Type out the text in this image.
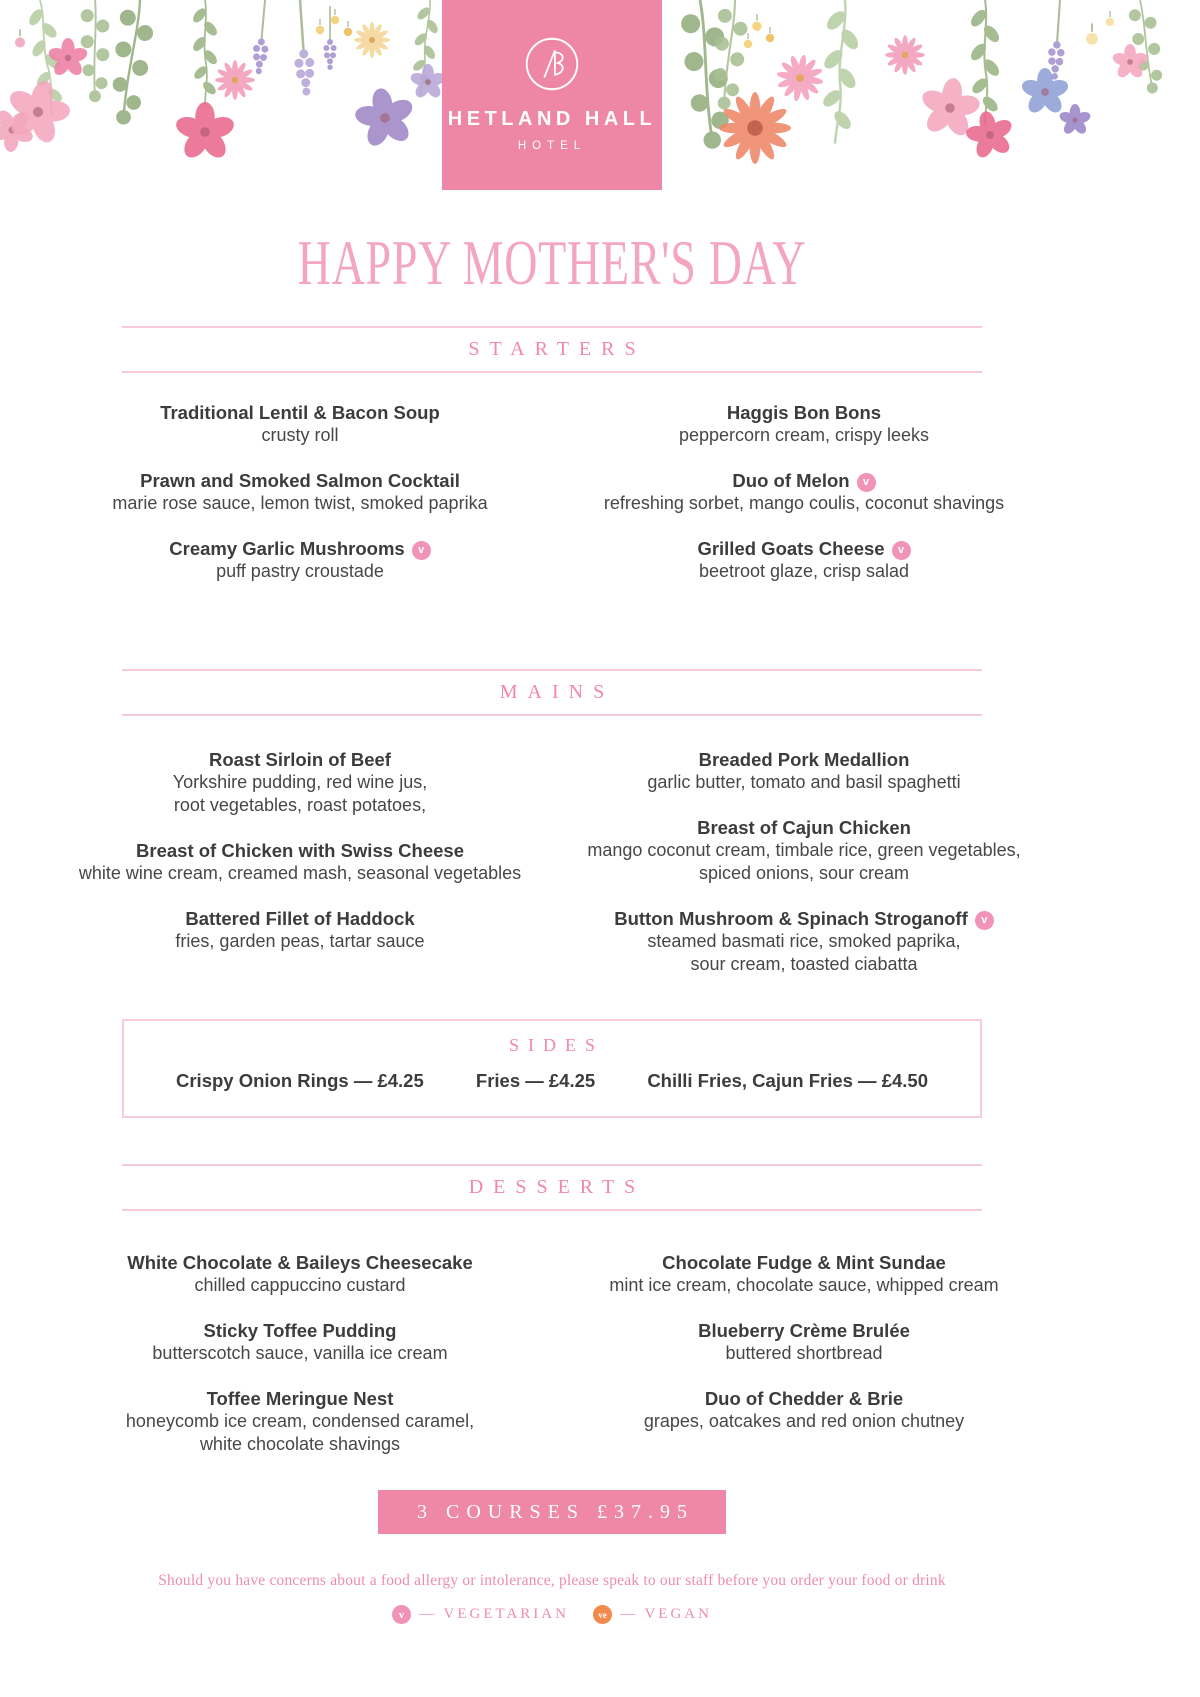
HETLAND HALL
HOTEL
HAPPY MOTHER'S DAY
STARTERS
Traditional Lentil & Bacon Soup

crusty roll

Prawn and Smoked Salmon Cocktail

marie rose sauce, lemon twist, smoked paprika

Creamy Garlic Mushrooms v

puff pastry croustade

Haggis Bon Bons

peppercorn cream, crispy leeks

Duo of Melon v

refreshing sorbet, mango coulis, coconut shavings

Grilled Goats Cheese v

beetroot glaze, crisp salad

MAINS
Roast Sirloin of Beef

Yorkshire pudding, red wine jus,

root vegetables, roast potatoes,

Breast of Chicken with Swiss Cheese

white wine cream, creamed mash, seasonal vegetables

Battered Fillet of Haddock

fries, garden peas, tartar sauce

Breaded Pork Medallion

garlic butter, tomato and basil spaghetti

Breast of Cajun Chicken

mango coconut cream, timbale rice, green vegetables,

spiced onions, sour cream

Button Mushroom & Spinach Stroganoff v

steamed basmati rice, smoked paprika,

sour cream, toasted ciabatta

SIDES
Crispy Onion Rings — £4.25	Fries — £4.25	Chilli Fries, Cajun Fries — £4.50
DESSERTS
White Chocolate & Baileys Cheesecake

chilled cappuccino custard

Sticky Toffee Pudding

butterscotch sauce, vanilla ice cream

Toffee Meringue Nest

honeycomb ice cream, condensed caramel,

white chocolate shavings

Chocolate Fudge & Mint Sundae

mint ice cream, chocolate sauce, whipped cream

Blueberry Crème Brulée

buttered shortbread

Duo of Chedder & Brie

grapes, oatcakes and red onion chutney

3 COURSES £37.95

Should you have concerns about a food allergy or intolerance, please speak to our staff before you order your food or drink

v — VEGETARIAN	ve — VEGAN
